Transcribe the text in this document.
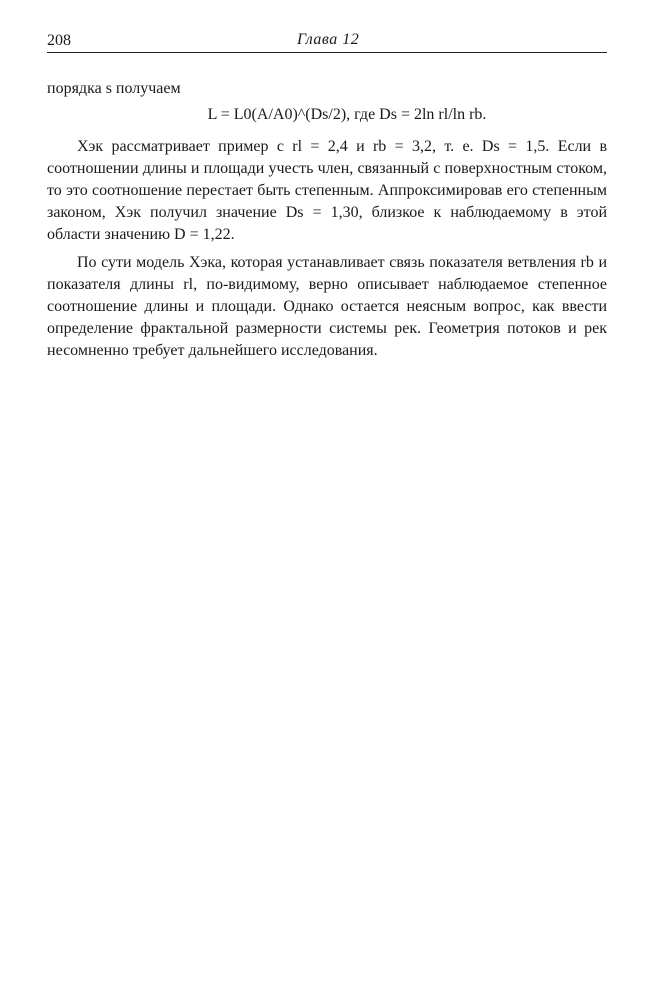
208	Глава 12

порядка s получаем

L = L0(A/A0)^(Ds/2), где Ds = 2ln rl/ln rb.

Хэк рассматривает пример с rl = 2,4 и rb = 3,2, т. е. Ds = 1,5. Если в соотношении длины и площади учесть член, связанный с поверхностным стоком, то это соотношение перестает быть степенным. Аппроксимировав его степенным законом, Хэк получил значение Ds = 1,30, близкое к наблюдаемому в этой области значению D = 1,22.

По сути модель Хэка, которая устанавливает связь показателя ветвления rb и показателя длины rl, по-видимому, верно описывает наблюдаемое степенное соотношение длины и площади. Однако остается неясным вопрос, как ввести определение фрактальной размерности системы рек. Геометрия потоков и рек несомненно требует дальнейшего исследования.
